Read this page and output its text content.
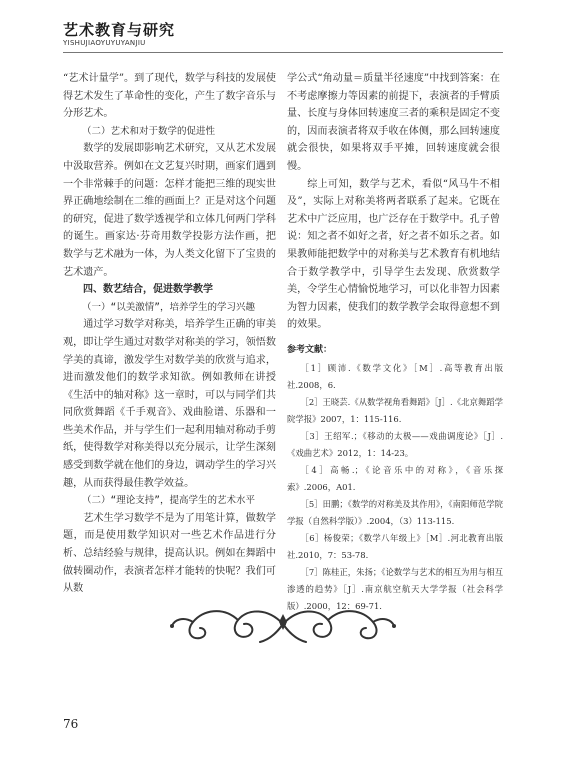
艺术教育与研究
YISHUJIAOYUYUYANJIU

“艺术计量学”。到了现代，数学与科技的发展使得艺术发生了革命性的变化，产生了数字音乐与分形艺术。

（二）艺术和对于数学的促进性

数学的发展即影响艺术研究，又从艺术发展中汲取营养。例如在文艺复兴时期，画家们遇到一个非常棘手的问题：怎样才能把三维的现实世界正确地绘制在二维的画面上？正是对这个问题的研究，促进了数学透视学和立体几何两门学科的诞生。画家达·芬奇用数学投影方法作画，把数学与艺术融为一体，为人类文化留下了宝贵的艺术遗产。

四、数艺结合，促进数学教学

（一）“以美激情”，培养学生的学习兴趣

通过学习数学对称美，培养学生正确的审美观，即让学生通过对数学对称美的学习，领悟数学美的真谛，激发学生对数学美的欣赏与追求，进而激发他们的数学求知欲。例如教师在讲授《生活中的轴对称》这一章时，可以与同学们共同欣赏舞蹈《千手观音》、戏曲脸谱、乐器和一些美术作品，并与学生们一起利用轴对称动手剪纸，使得数学对称美得以充分展示，让学生深刻感受到数学就在他们的身边，调动学生的学习兴趣，从而获得最佳教学效益。

（二）“理论支持”，提高学生的艺术水平

艺术生学习数学不是为了用笔计算，做数学题，而是使用数学知识对一些艺术作品进行分析、总结经验与规律，提高认识。例如在舞蹈中做转圈动作，表演者怎样才能转的快呢？我们可从数

学公式“角动量＝质量半径速度”中找到答案：在不考虑摩擦力等因素的前提下，表演者的手臂质量、长度与身体回转速度三者的乘积是固定不变的，因而表演者将双手收在体侧，那么回转速度就会很快，如果将双手平摊，回转速度就会很慢。

综上可知，数学与艺术，看似“风马牛不相及”，实际上对称美将两者联系了起来。它既在艺术中广泛应用，也广泛存在于数学中。孔子曾说：知之者不如好之者，好之者不如乐之者。如果教师能把数学中的对称美与艺术教育有机地结合于数学教学中，引导学生去发现、欣赏数学美，令学生心情愉悦地学习，可以化非智力因素为智力因素，使我们的数学教学会取得意想不到的效果。

参考文献：

［1］顾沛.《数学文化》［M］.高等教育出版社.2008，6.

［2］王晓芸.《从数学视角看舞蹈》［J］.《北京舞蹈学院学报》2007，1：115-116.

［3］王绍军.；《移动的太极——戏曲调度论》［J］.《戏曲艺术》2012，1：14-23。

［4］高畅.；《论音乐中的对称》，《音乐探索》.2006，A01.

［5］田鹏；《数学的对称美及其作用》，《南阳师范学院学报（自然科学版）》.2004，（3）113-115.

［6］杨俊荣；《数学八年级上》［M］.河北教育出版社.2010，7：53-78.

［7］陈桂正，朱扬；《论数学与艺术的相互为用与相互渗透的趋势》［J］.南京航空航天大学学报（社会科学版）.2000，12：69-71.

76
